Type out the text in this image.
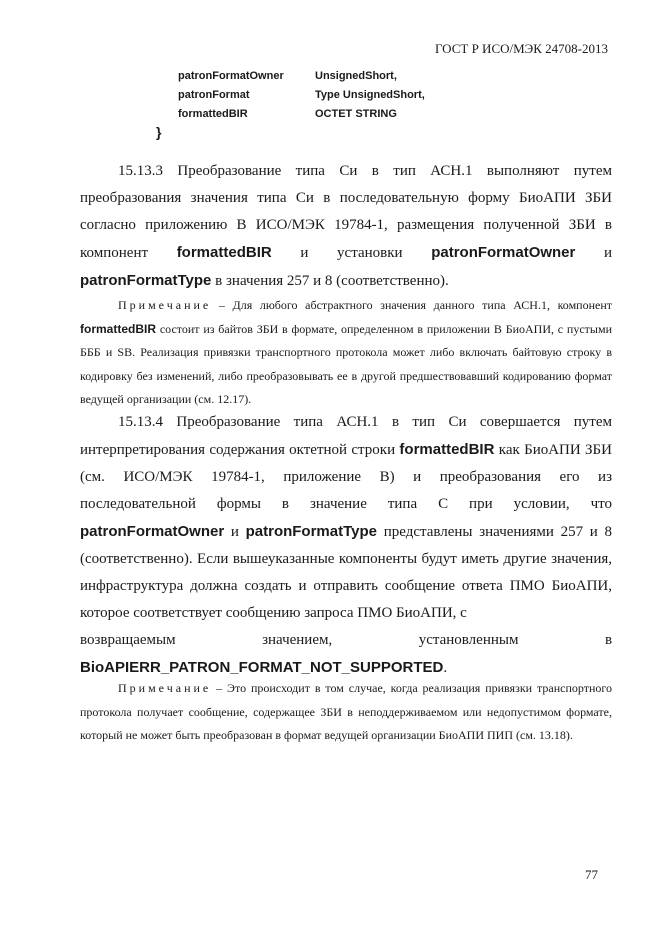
ГОСТ Р ИСО/МЭК 24708-2013
patronFormatOwner	UnsignedShort,
patronFormat	Type UnsignedShort,
formattedBIR	OCTET STRING
}
15.13.3 Преобразование типа Си в тип АСН.1 выполняют путем
преобразования значения типа Си в последовательную форму БиоАПИ ЗБИ
согласно приложению В ИСО/МЭК 19784-1, размещения полученной ЗБИ в
компонент formattedBIR и установки patronFormatOwner и
patronFormatType в значения 257 и 8 (соответственно).

Примечание – Для любого абстрактного значения данного типа АСН.1, компонент formattedBIR состоит из байтов ЗБИ в формате, определенном в приложении В БиоАПИ, с пустыми БББ и SB. Реализация привязки транспортного протокола может либо включать байтовую строку в кодировку без изменений, либо преобразовывать ее в другой предшествовавший кодированию формат ведущей организации (см. 12.17).

15.13.4 Преобразование типа АСН.1 в тип Си совершается путем интерпретирования содержания октетной строки formattedBIR как БиоАПИ ЗБИ (см. ИСО/МЭК 19784-1, приложение В) и преобразования его из последовательной формы в значение типа С при условии, что patronFormatOwner и patronFormatType представлены значениями 257 и 8 (соответственно). Если вышеуказанные компоненты будут иметь другие значения, инфраструктура должна создать и отправить сообщение ответа ПМО БиоАПИ, которое соответствует сообщению запроса ПМО БиоАПИ, с
возвращаемым	значением,	установленным	в
BioAPIERR_PATRON_FORMAT_NOT_SUPPORTED.

Примечание – Это происходит в том случае, когда реализация привязки транспортного протокола получает сообщение, содержащее ЗБИ в неподдерживаемом или недопустимом формате, который не может быть преобразован в формат ведущей организации БиоАПИ ПИП (см. 13.18).

77
